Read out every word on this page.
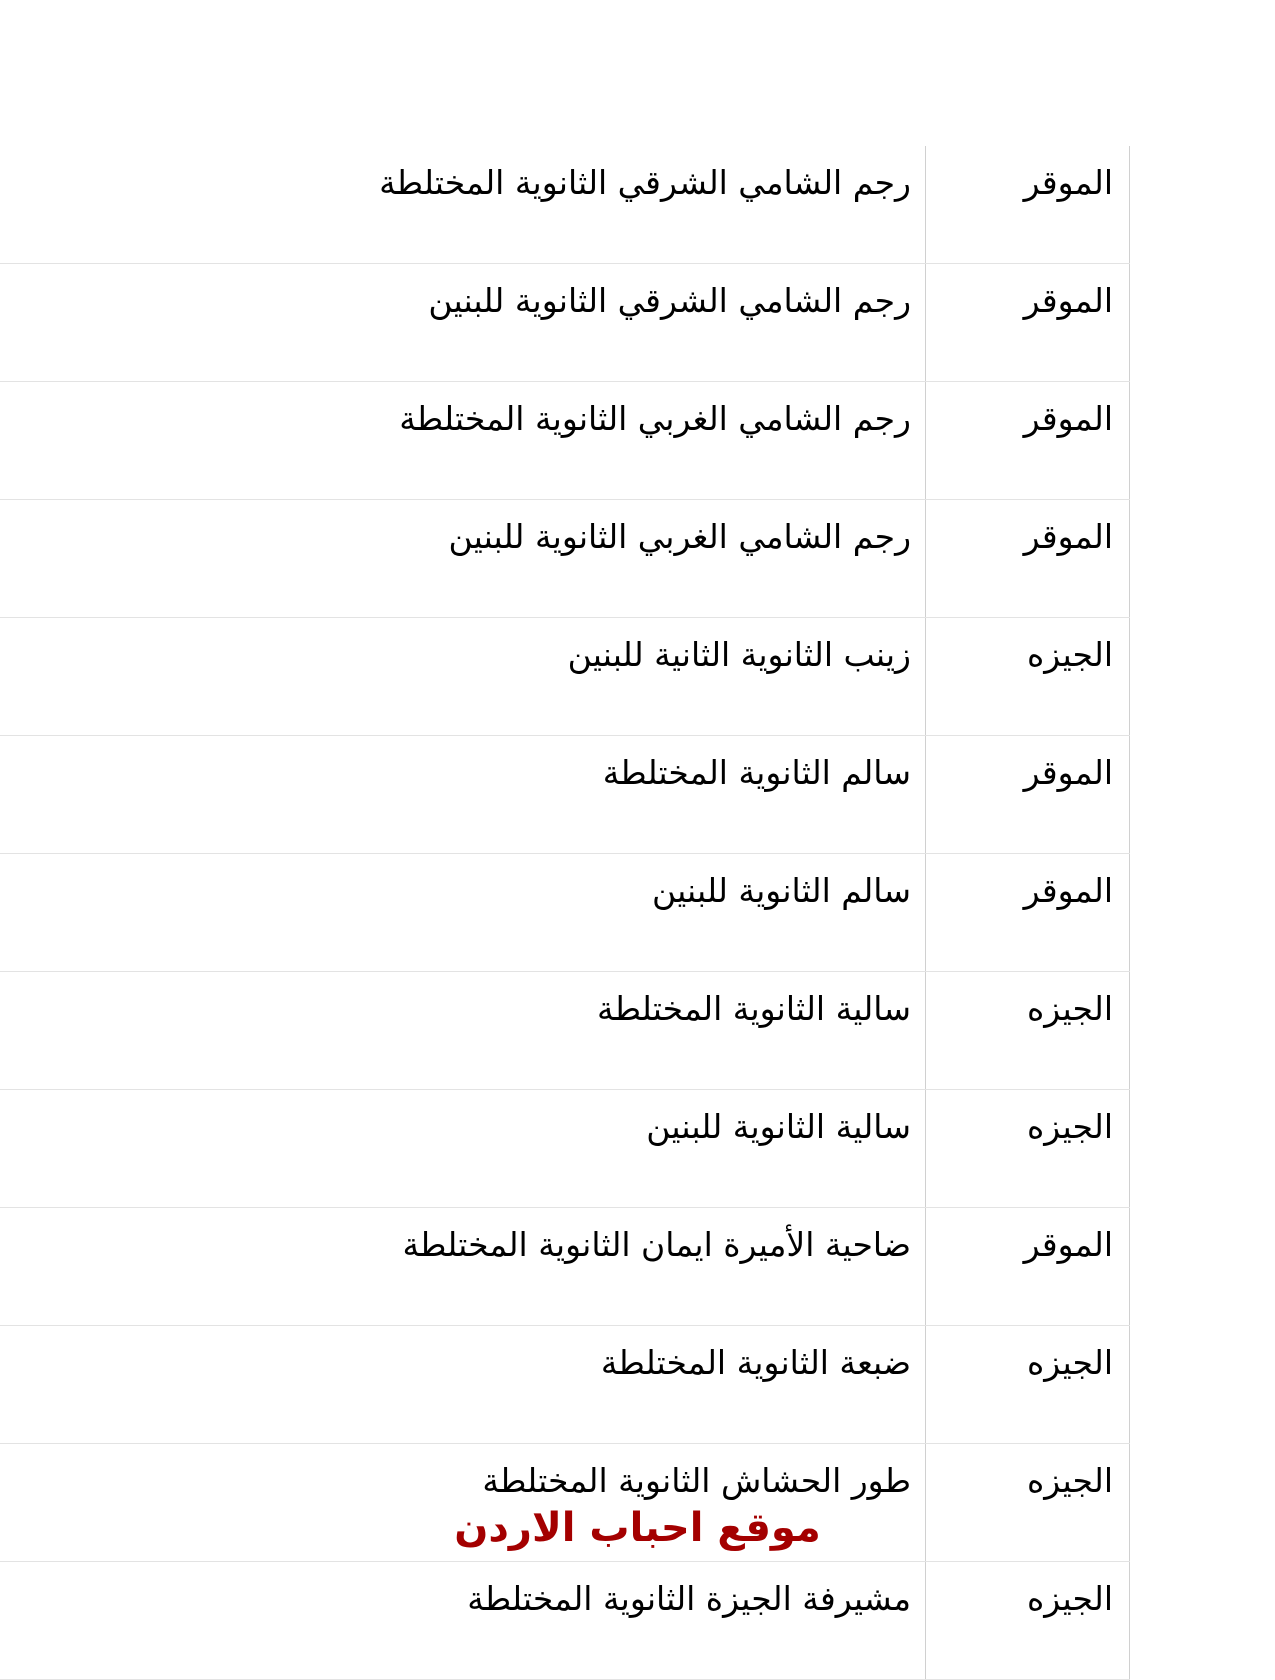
الموقر	رجم الشامي الشرقي الثانوية المختلطة
الموقر	رجم الشامي الشرقي الثانوية للبنين
الموقر	رجم الشامي الغربي الثانوية المختلطة
الموقر	رجم الشامي الغربي الثانوية للبنين
الجيزه	زينب الثانوية الثانية للبنين
الموقر	سالم الثانوية المختلطة
الموقر	سالم الثانوية للبنين
الجيزه	سالية الثانوية المختلطة
الجيزه	سالية الثانوية للبنين
الموقر	ضاحية الأميرة ايمان الثانوية المختلطة
الجيزه	ضبعة الثانوية المختلطة
الجيزه	طور الحشاش الثانوية المختلطة
الجيزه	مشيرفة الجيزة الثانوية المختلطة
موقع احباب الاردن
